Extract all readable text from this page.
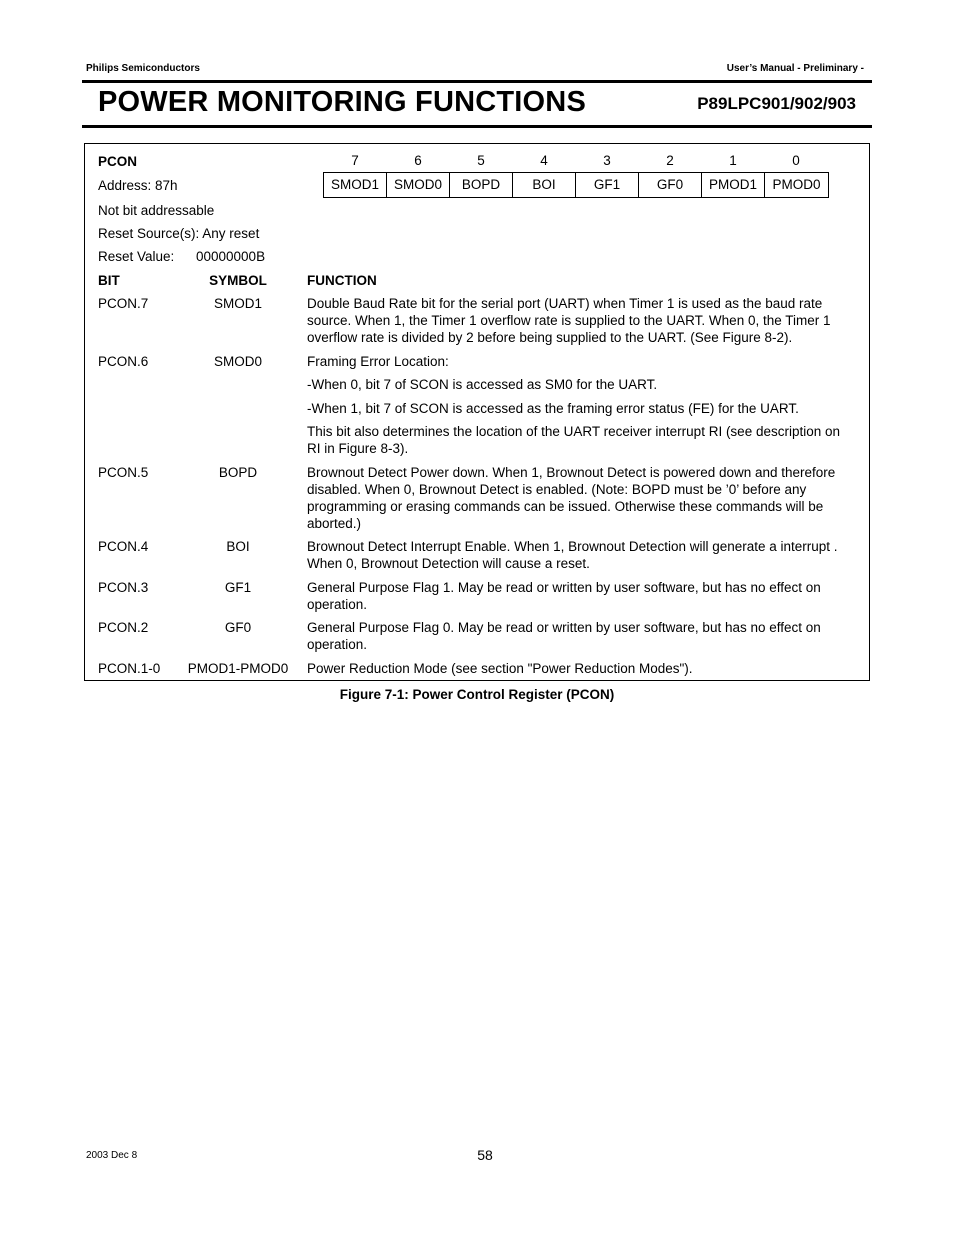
Philips Semiconductors	User’s Manual - Preliminary -
POWER MONITORING FUNCTIONS	P89LPC901/902/903
PCON
Address: 87h
Not bit addressable
Reset Source(s): Any reset
Reset Value: 00000000B
7	6	5	4	3	2	1	0
SMOD1	SMOD0	BOPD	BOI	GF1	GF0	PMOD1	PMOD0
BIT	SYMBOL	FUNCTION
PCON.7	SMOD1	Double Baud Rate bit for the serial port (UART) when Timer 1 is used as the baud rate source. When 1, the Timer 1 overflow rate is supplied to the UART. When 0, the Timer 1 overflow rate is divided by 2 before being supplied to the UART. (See Figure 8-2).
PCON.6	SMOD0	Framing Error Location:
-When 0, bit 7 of SCON is accessed as SM0 for the UART.
-When 1, bit 7 of SCON is accessed as the framing error status (FE) for the UART.
This bit also determines the location of the UART receiver interrupt RI (see description on RI in Figure 8-3).
PCON.5	BOPD	Brownout Detect Power down. When 1, Brownout Detect is powered down and therefore disabled. When 0, Brownout Detect is enabled. (Note: BOPD must be ’0’ before any programming or erasing commands can be issued. Otherwise these commands will be aborted.)
PCON.4	BOI	Brownout Detect Interrupt Enable. When 1, Brownout Detection will generate a interrupt . When 0, Brownout Detection will cause a reset.
PCON.3	GF1	General Purpose Flag 1. May be read or written by user software, but has no effect on operation.
PCON.2	GF0	General Purpose Flag 0. May be read or written by user software, but has no effect on operation.
PCON.1-0	PMOD1-PMOD0	Power Reduction Mode (see section "Power Reduction Modes").
Figure 7-1: Power Control Register (PCON)
2003 Dec 8	58
